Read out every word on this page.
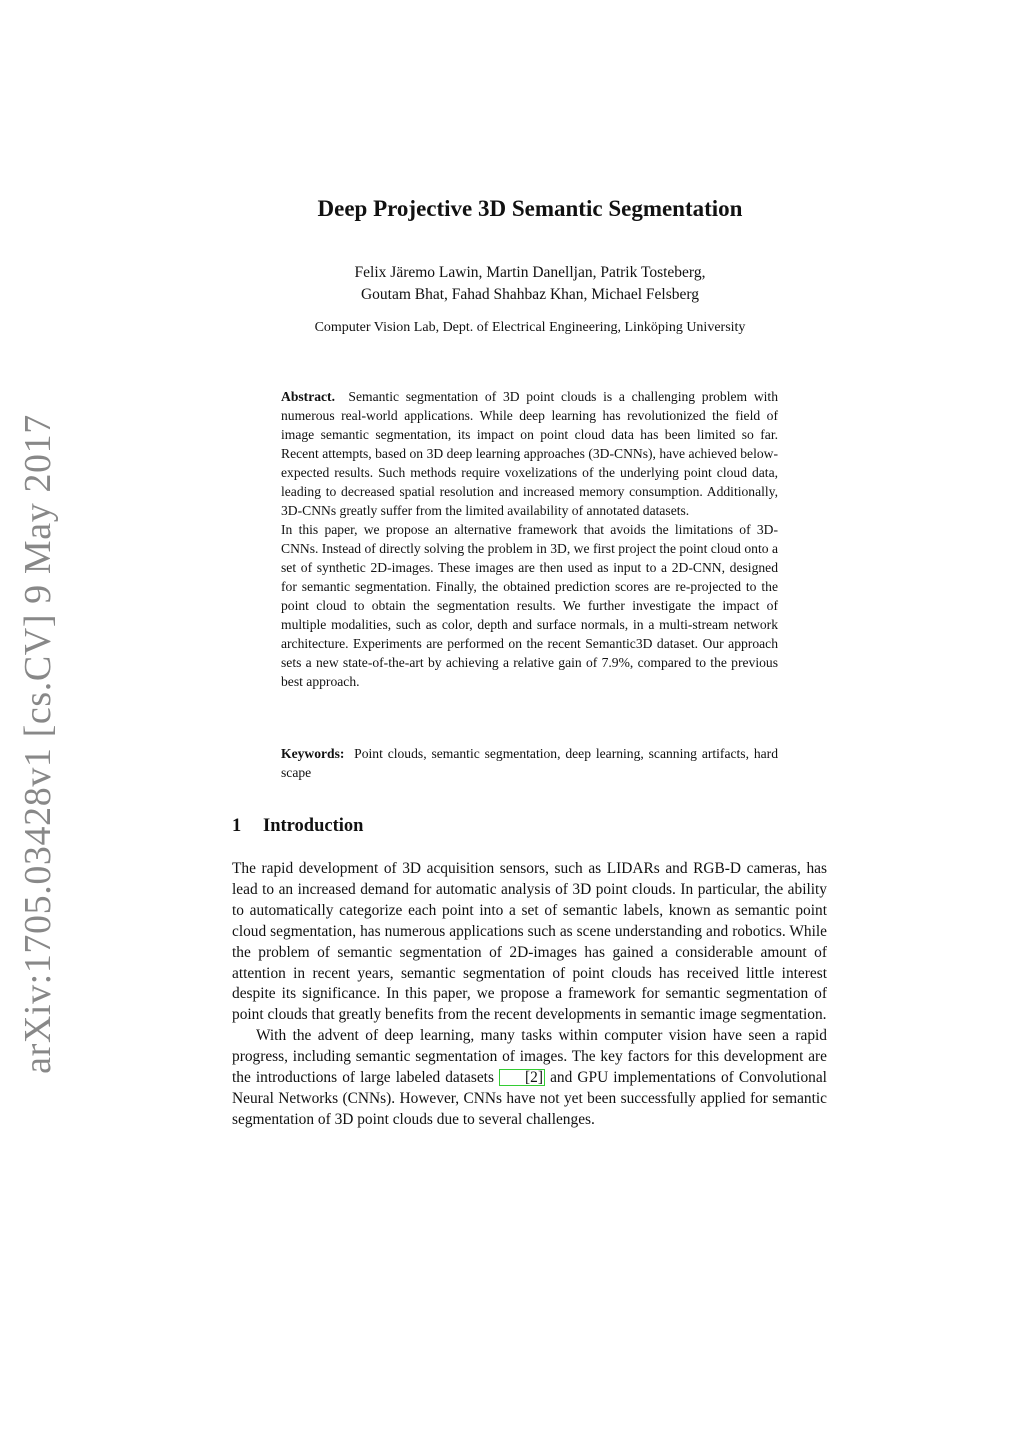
arXiv:1705.03428v1 [cs.CV] 9 May 2017
Deep Projective 3D Semantic Segmentation
Felix Järemo Lawin, Martin Danelljan, Patrik Tosteberg,
Goutam Bhat, Fahad Shahbaz Khan, Michael Felsberg
Computer Vision Lab, Dept. of Electrical Engineering, Linköping University

Abstract. Semantic segmentation of 3D point clouds is a challenging problem with numerous real-world applications. While deep learning has revolutionized the field of image semantic segmentation, its impact on point cloud data has been limited so far. Recent attempts, based on 3D deep learning approaches (3D-CNNs), have achieved below-expected results. Such methods require voxelizations of the underlying point cloud data, leading to decreased spatial resolution and increased memory consumption. Additionally, 3D-CNNs greatly suffer from the limited availability of annotated datasets.

In this paper, we propose an alternative framework that avoids the limitations of 3D-CNNs. Instead of directly solving the problem in 3D, we first project the point cloud onto a set of synthetic 2D-images. These images are then used as input to a 2D-CNN, designed for semantic segmentation. Finally, the obtained prediction scores are re-projected to the point cloud to obtain the segmentation results. We further investigate the impact of multiple modalities, such as color, depth and surface normals, in a multi-stream network architecture. Experiments are performed on the recent Semantic3D dataset. Our approach sets a new state-of-the-art by achieving a relative gain of 7.9%, compared to the previous best approach.

Keywords: Point clouds, semantic segmentation, deep learning, scanning artifacts, hard scape
1 Introduction

The rapid development of 3D acquisition sensors, such as LIDARs and RGB-D cameras, has lead to an increased demand for automatic analysis of 3D point clouds. In particular, the ability to automatically categorize each point into a set of semantic labels, known as semantic point cloud segmentation, has numerous applications such as scene understanding and robotics. While the problem of semantic segmentation of 2D-images has gained a considerable amount of attention in recent years, semantic segmentation of point clouds has received little interest despite its significance. In this paper, we propose a framework for semantic segmentation of point clouds that greatly benefits from the recent developments in semantic image segmentation.

With the advent of deep learning, many tasks within computer vision have seen a rapid progress, including semantic segmentation of images. The key factors for this development are the introductions of large labeled datasets [2] and GPU implementations of Convolutional Neural Networks (CNNs). However, CNNs have not yet been successfully applied for semantic segmentation of 3D point clouds due to several challenges.
